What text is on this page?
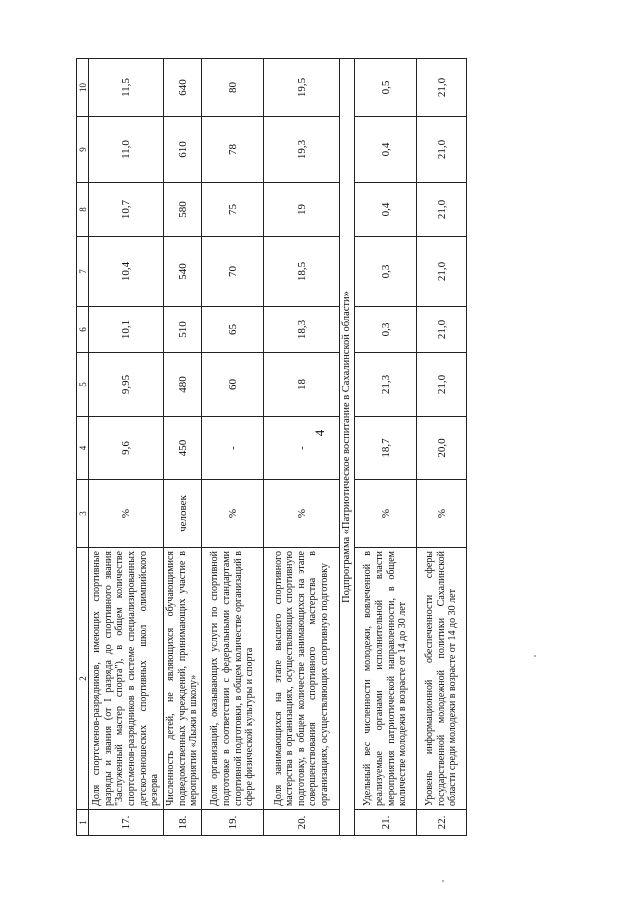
4
1	2	3	4	5	6	7	8	9	10
17.	Доля спортсменов-разрядников, имеющих спортивные разряды и звания (от I разряда до спортивного звания "Заслуженный мастер спорта"), в общем количестве спортсменов-разрядников в системе специализированных детско-юношеских спортивных школ олимпийского резерва	%	9,6	9,95	10,1	10,4	10,7	11,0	11,5
18.	Численность детей, не являющихся обучающимися подведомственных учреждений, принимающих участие в мероприятии «Лыжи в школу»	человек	450	480	510	540	580	610	640
19.	Доля организаций, оказывающих услуги по спортивной подготовке в соответствии с федеральными стандартами спортивной подготовки, в общем количестве организаций в сфере физической культуры и спорта	%	-	60	65	70	75	78	80
20.	Доля занимающихся на этапе высшего спортивного мастерства в организациях, осуществляющих спортивную подготовку, в общем количестве занимающихся на этапе совершенствования спортивного мастерства в организациях, осуществляющих спортивную подготовку	%	-	18	18,3	18,5	19	19,3	19,5
Подпрограмма «Патриотическое воспитание в Сахалинской области»									
21.	Удельный вес численности молодежи, вовлеченной в реализуемые органами исполнительной власти мероприятия патриотической направленности, в общем количестве молодежи в возрасте от 14 до 30 лет	%	18,7	21,3	0,3	0,3	0,4	0,4	0,5
22.	Уровень информационной обеспеченности сферы государственной молодежной политики Сахалинской области среди молодежи в возрасте от 14 до 30 лет	%	20,0	21,0	21,0	21,0	21,0	21,0	21,0
